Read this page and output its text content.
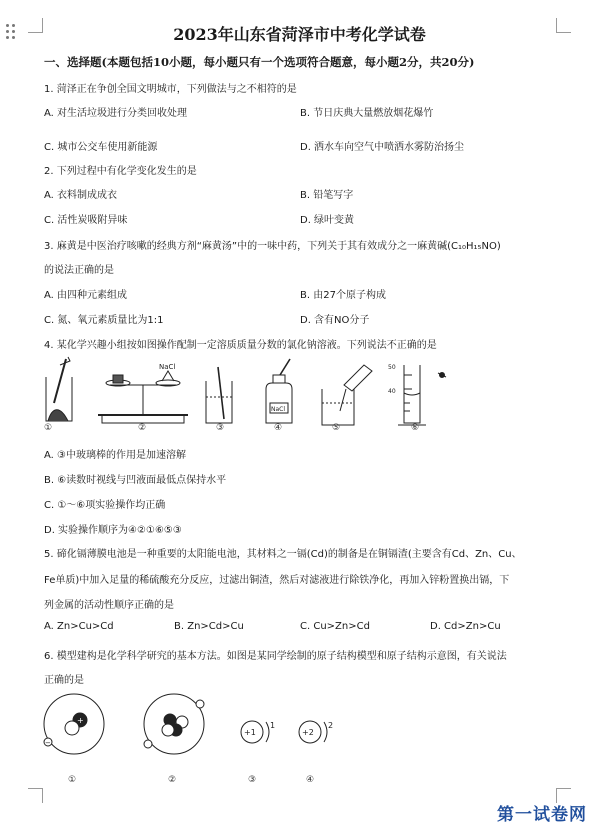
2023年山东省菏泽市中考化学试卷
一、选择题(本题包括10小题，每小题只有一个选项符合题意，每小题2分，共20分)
1. 菏泽正在争创全国文明城市，下列做法与之不相符的是
A. 对生活垃圾进行分类回收处理	B. 节日庆典大量燃放烟花爆竹
C. 城市公交车使用新能源	D. 洒水车向空气中喷洒水雾防治扬尘
2. 下列过程中有化学变化发生的是
A. 衣料制成成衣	B. 铅笔写字
C. 活性炭吸附异味	D. 绿叶变黄
3. 麻黄是中医治疗咳嗽的经典方剂“麻黄汤”中的一味中药，下列关于其有效成分之一麻黄碱(C₁₀H₁₅NO)
的说法正确的是
A. 由四种元素组成	B. 由27个原子构成
C. 氮、氧元素质量比为1:1	D. 含有NO分子
4. 某化学兴趣小组按如图操作配制一定溶质质量分数的氯化钠溶液。下列说法不正确的是
NaCl
NaCl
50
40
①	②	③	④	⑤	⑥
A. ③中玻璃棒的作用是加速溶解
B. ⑥读数时视线与凹液面最低点保持水平
C. ①～⑥项实验操作均正确
D. 实验操作顺序为④②①⑥⑤③
5. 碲化镉薄膜电池是一种重要的太阳能电池，其材料之一镉(Cd)的制备是在铜镉渣(主要含有Cd、Zn、Cu、
Fe单质)中加入足量的稀硫酸充分反应，过滤出铜渣，然后对滤液进行除铁净化，再加入锌粉置换出镉，下
列金属的活动性顺序正确的是
A. Zn>Cu>Cd	B. Zn>Cd>Cu	C. Cu>Zn>Cd	D. Cd>Zn>Cu
6. 模型建构是化学科学研究的基本方法。如图是某同学绘制的原子结构模型和原子结构示意图，有关说法
正确的是
+
−
+1
1
+2
2
①	②	③	④
第一试卷网
